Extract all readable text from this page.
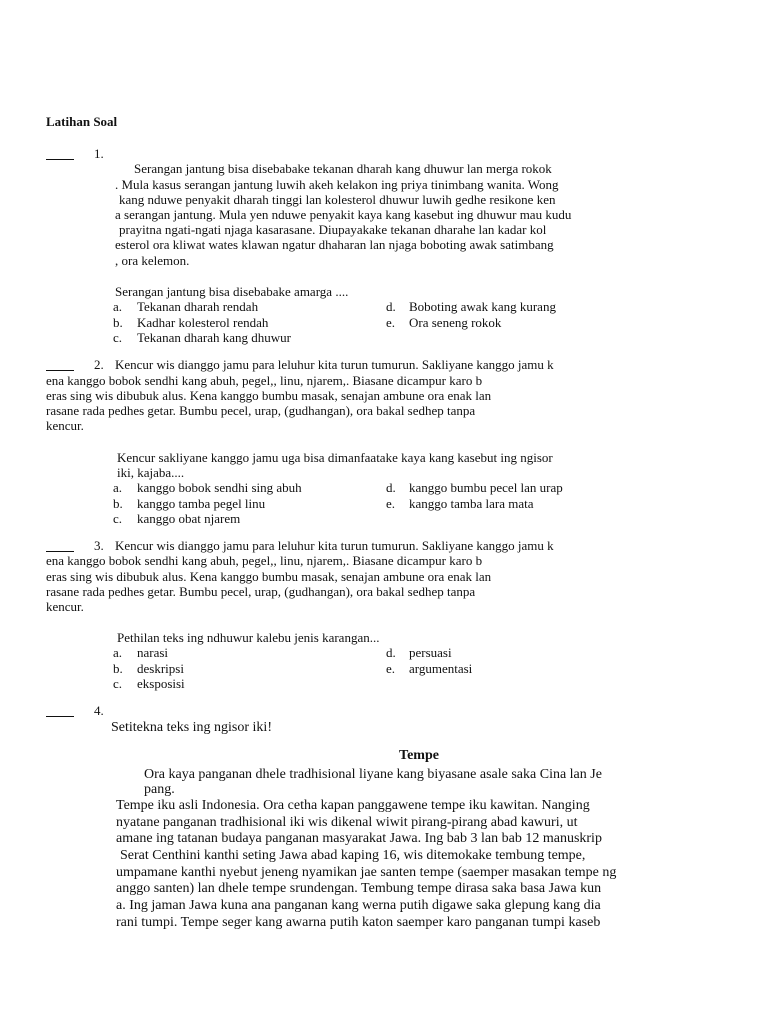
Latihan Soal
1.
Serangan jantung bisa disebabake tekanan dharah kang dhuwur lan merga rokok
. Mula kasus serangan jantung luwih akeh kelakon ing priya tinimbang wanita. Wong
kang nduwe penyakit dharah tinggi lan kolesterol dhuwur luwih gedhe resikone ken
a serangan jantung. Mula yen nduwe penyakit kaya kang kasebut ing dhuwur mau kudu
prayitna ngati-ngati njaga kasarasane. Diupayakake tekanan dharahe lan kadar kol
esterol ora kliwat wates klawan ngatur dhaharan lan njaga boboting awak satimbang
, ora kelemon.
Serangan jantung bisa disebabake amarga ....
a. Tekanan dharah rendah
b. Kadhar kolesterol rendah
c. Tekanan dharah kang dhuwur
d. Boboting awak kang kurang
e. Ora seneng rokok
2. Kencur wis dianggo jamu para leluhur kita turun tumurun. Sakliyane kanggo jamu k
ena kanggo bobok sendhi kang abuh, pegel,, linu, njarem,. Biasane dicampur karo b
eras sing wis dibubuk alus. Kena kanggo bumbu masak, senajan ambune ora enak lan
rasane rada pedhes getar. Bumbu pecel, urap, (gudhangan), ora bakal sedhep tanpa
kencur.
Kencur sakliyane kanggo jamu uga bisa dimanfaatake kaya kang kasebut ing ngisor
iki, kajaba....
a. kanggo bobok sendhi sing abuh
b. kanggo tamba pegel linu
c. kanggo obat njarem
d. kanggo bumbu pecel lan urap
e. kanggo tamba lara mata
3. Kencur wis dianggo jamu para leluhur kita turun tumurun. Sakliyane kanggo jamu k
ena kanggo bobok sendhi kang abuh, pegel,, linu, njarem,. Biasane dicampur karo b
eras sing wis dibubuk alus. Kena kanggo bumbu masak, senajan ambune ora enak lan
rasane rada pedhes getar. Bumbu pecel, urap, (gudhangan), ora bakal sedhep tanpa
kencur.
Pethilan teks ing ndhuwur kalebu jenis karangan...
a. narasi
b. deskripsi
c. eksposisi
d. persuasi
e. argumentasi
4.
Setitekna teks ing ngisor iki!
Tempe
Ora kaya panganan dhele tradhisional liyane kang biyasane asale saka Cina lan Je
pang.
Tempe iku asli Indonesia. Ora cetha kapan panggawene tempe iku kawitan. Nanging
nyatane panganan tradhisional iki wis dikenal wiwit pirang-pirang abad kawuri, ut
amane ing tatanan budaya panganan masyarakat Jawa. Ing bab 3 lan bab 12 manuskrip
Serat Centhini kanthi seting Jawa abad kaping 16, wis ditemokake tembung tempe,
umpamane kanthi nyebut jeneng nyamikan jae santen tempe (saemper masakan tempe ng
anggo santen) lan dhele tempe srundengan. Tembung tempe dirasa saka basa Jawa kun
a. Ing jaman Jawa kuna ana panganan kang werna putih digawe saka glepung kang dia
rani tumpi. Tempe seger kang awarna putih katon saemper karo panganan tumpi kaseb
